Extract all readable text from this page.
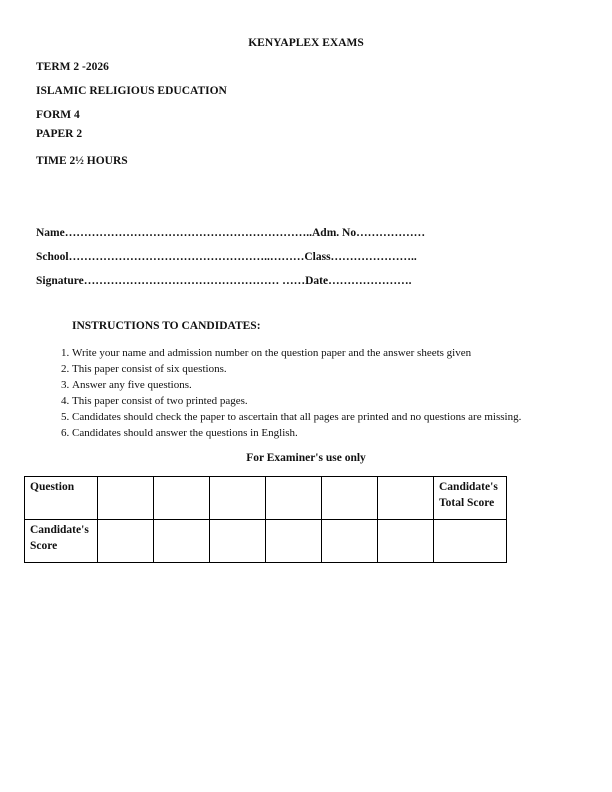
KENYAPLEX EXAMS
TERM 2 -2026
ISLAMIC RELIGIOUS EDUCATION
FORM 4
PAPER 2
TIME 2½ HOURS
Name………………………………………………………..Adm. No………………
School……………………………………………..………Class…………………..
Signature…………………………………………… ……Date………………….
INSTRUCTIONS TO CANDIDATES:
1. Write your name and admission number on the question paper and the answer sheets given
2. This paper consist of six questions.
3. Answer any five questions.
4. This paper consist of two printed pages.
5. Candidates should check the paper to ascertain that all pages are printed and no questions are missing.
6. Candidates should answer the questions in English.
For Examiner's use only
Question							Candidate's Total Score
Candidate's Score							
